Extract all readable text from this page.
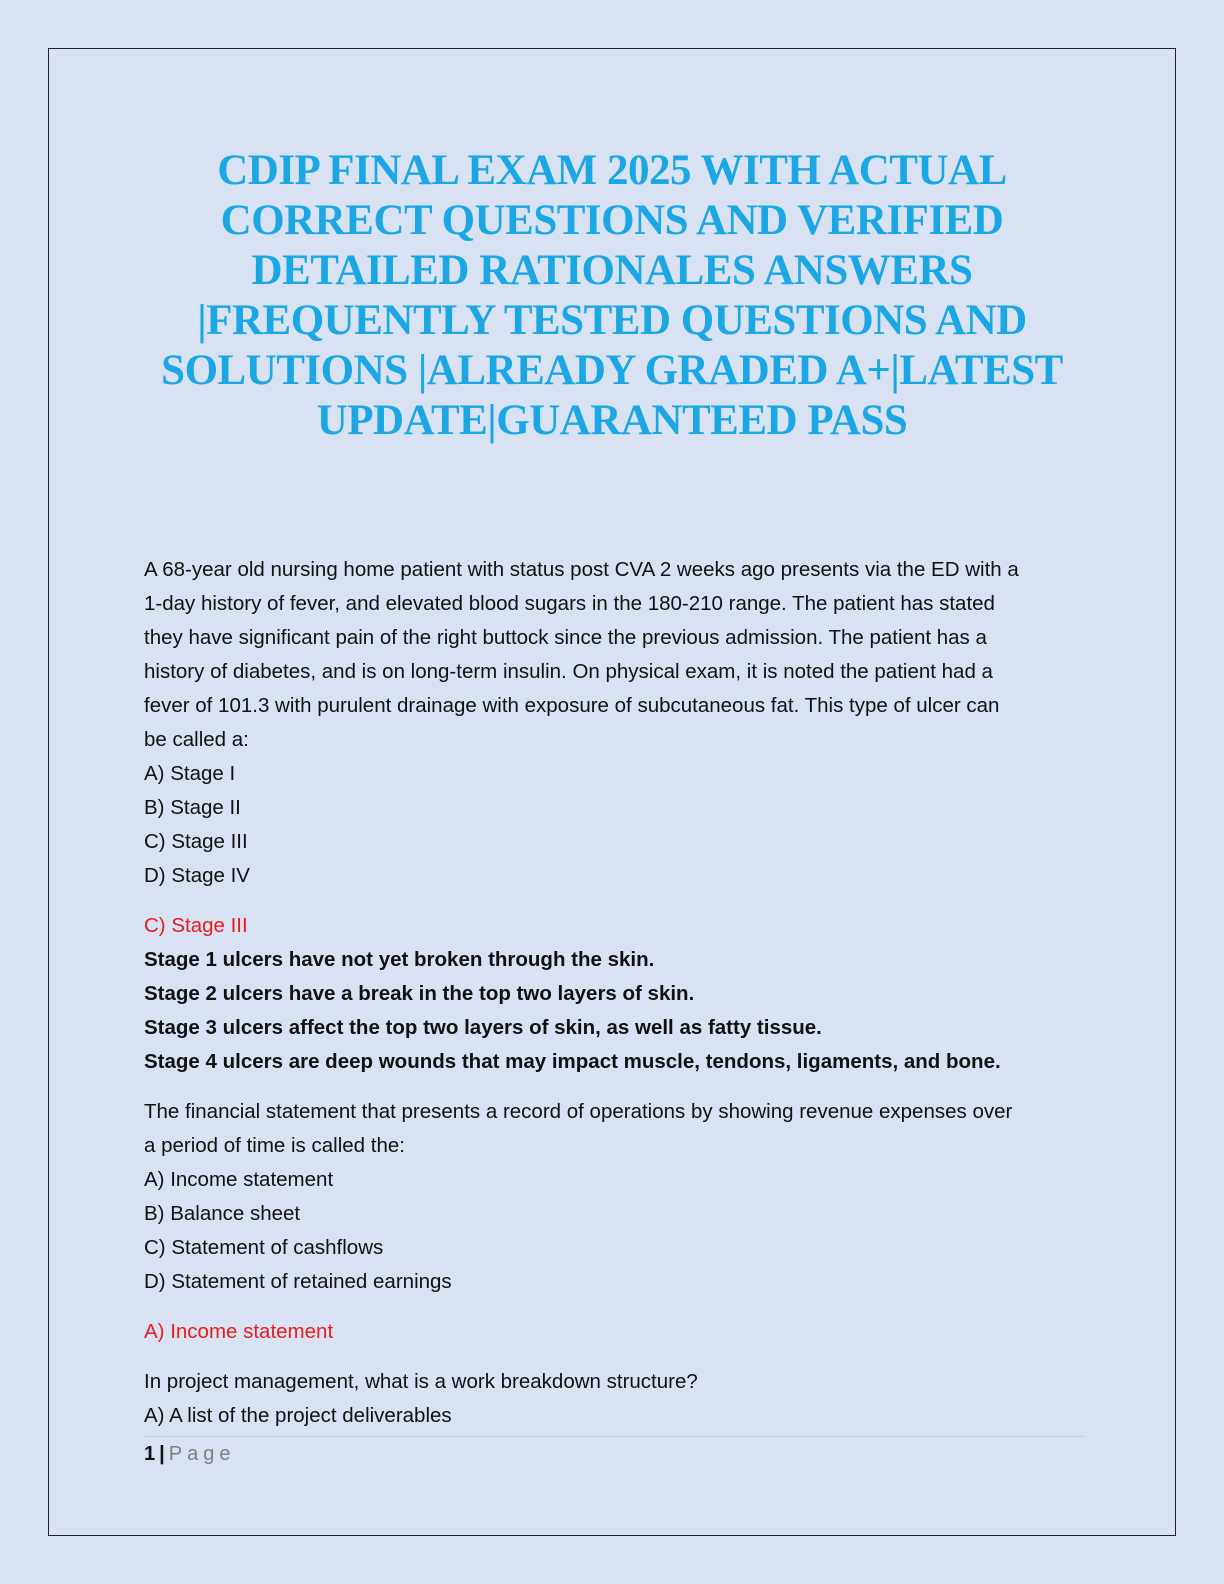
CDIP FINAL EXAM 2025 WITH ACTUAL
CORRECT QUESTIONS AND VERIFIED
DETAILED RATIONALES ANSWERS
|FREQUENTLY TESTED QUESTIONS AND
SOLUTIONS |ALREADY GRADED A+|LATEST
UPDATE|GUARANTEED PASS

A 68-year old nursing home patient with status post CVA 2 weeks ago presents via the ED with a

1-day history of fever, and elevated blood sugars in the 180-210 range. The patient has stated

they have significant pain of the right buttock since the previous admission. The patient has a

history of diabetes, and is on long-term insulin. On physical exam, it is noted the patient had a

fever of 101.3 with purulent drainage with exposure of subcutaneous fat. This type of ulcer can

be called a:

A) Stage I

B) Stage II

C) Stage III

D) Stage IV

C) Stage III

Stage 1 ulcers have not yet broken through the skin.

Stage 2 ulcers have a break in the top two layers of skin.

Stage 3 ulcers affect the top two layers of skin, as well as fatty tissue.

Stage 4 ulcers are deep wounds that may impact muscle, tendons, ligaments, and bone.

The financial statement that presents a record of operations by showing revenue expenses over

a period of time is called the:

A) Income statement

B) Balance sheet

C) Statement of cashflows

D) Statement of retained earnings

A) Income statement

In project management, what is a work breakdown structure?

A) A list of the project deliverables

1 | Page
